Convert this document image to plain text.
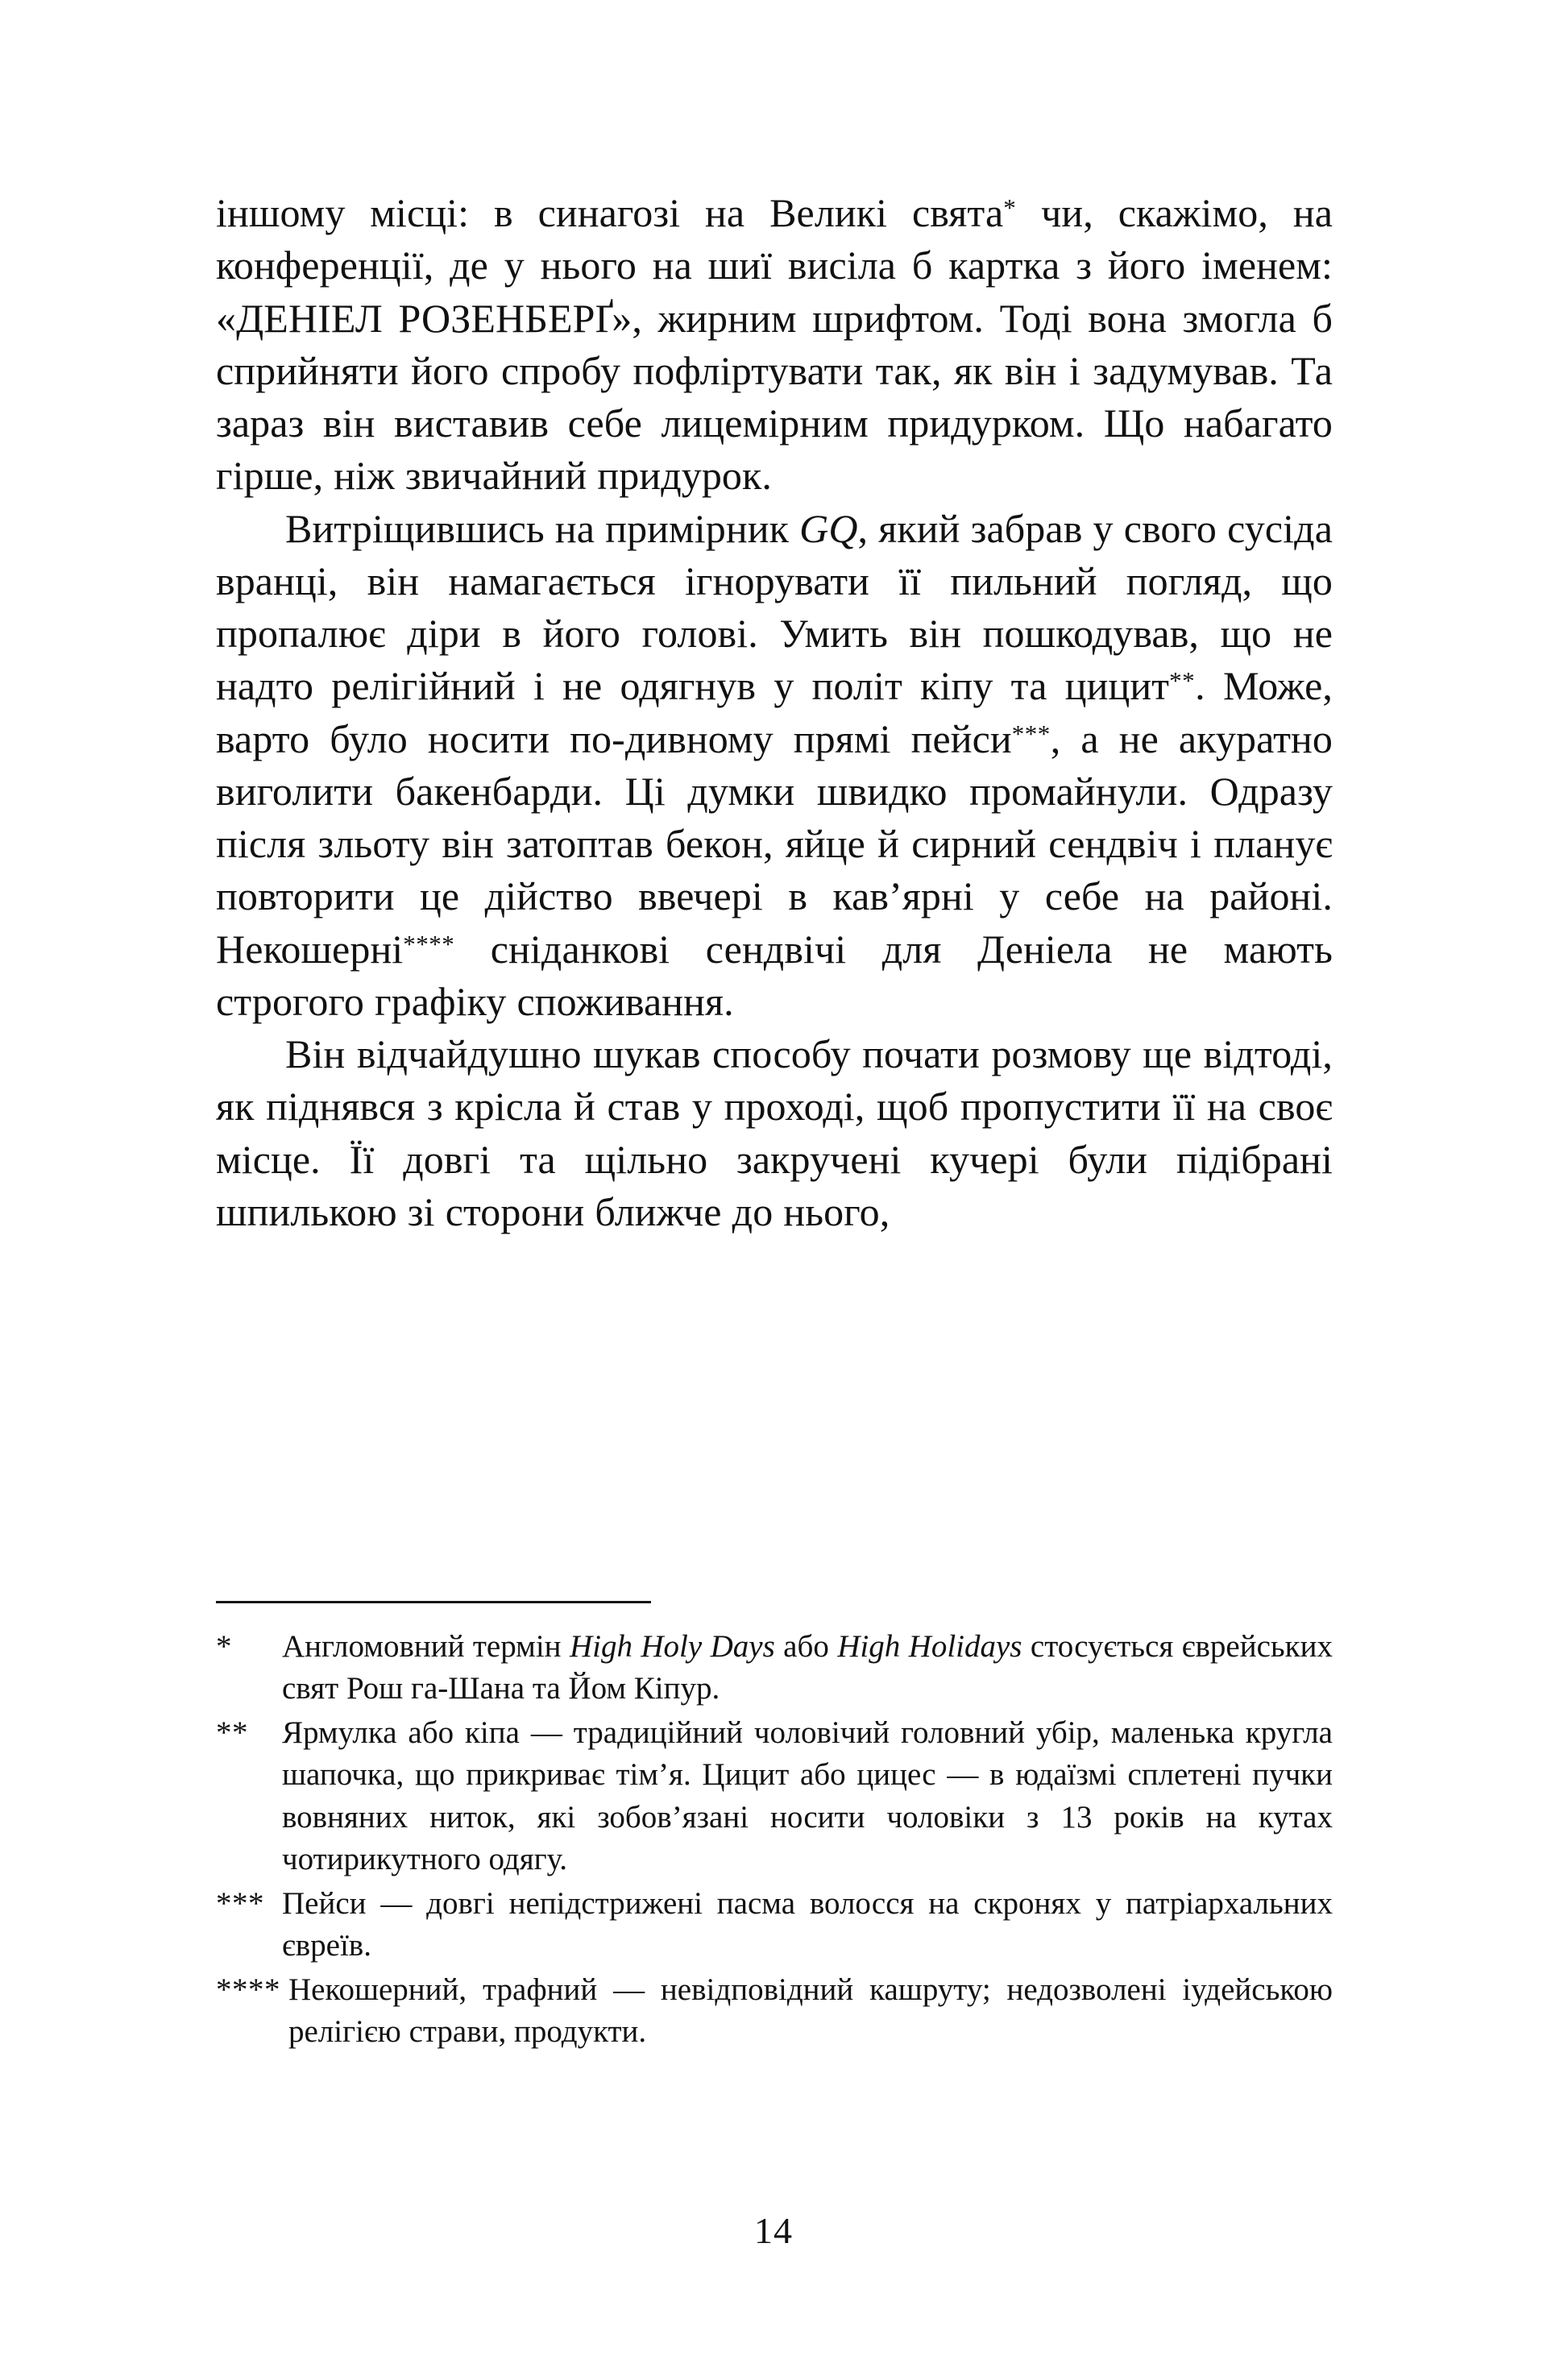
іншому місці: в синагозі на Великі свята* чи, скажімо, на конференції, де у нього на шиї висіла б картка з його іменем: «ДЕНІЕЛ РОЗЕНБЕРҐ», жирним шрифтом. Тоді вона змогла б сприйняти його спробу пофліртувати так, як він і задумував. Та зараз він виставив себе лицемірним придурком. Що набагато гірше, ніж звичайний придурок.

Витріщившись на примірник GQ, який забрав у свого сусіда вранці, він намагається ігнорувати її пильний погляд, що пропалює діри в його голові. Умить він пошкодував, що не надто релігійний і не одягнув у політ кіпу та цицит**. Може, варто було носити по-дивному прямі пейси***, а не акуратно виголити бакенбарди. Ці думки швидко промайнули. Одразу після зльоту він затоптав бекон, яйце й сирний сендвіч і планує повторити це дійство ввечері в кав’ярні у себе на районі. Некошерні**** сніданкові сендвічі для Деніела не мають строгого графіку споживання.

Він відчайдушно шукав способу почати розмову ще відтоді, як піднявся з крісла й став у проході, щоб пропустити її на своє місце. Її довгі та щільно закручені кучері були підібрані шпилькою зі сторони ближче до нього,

*	Англомовний термін High Holy Days або High Holidays стосується єврейських свят Рош га-Шана та Йом Кіпур.
**	Ярмулка або кіпа — традиційний чоловічий головний убір, маленька кругла шапочка, що прикриває тім’я. Цицит або цицес — в юдаїзмі сплетені пучки вовняних ниток, які зобов’язані носити чоловіки з 13 років на кутах чотирикутного одягу.
*** Пейси — довгі непідстрижені пасма волосся на скронях у патріархальних євреїв.
**** Некошерний, трафний — невідповідний кашруту; недозволені іудейською релігією страви, продукти.
14
